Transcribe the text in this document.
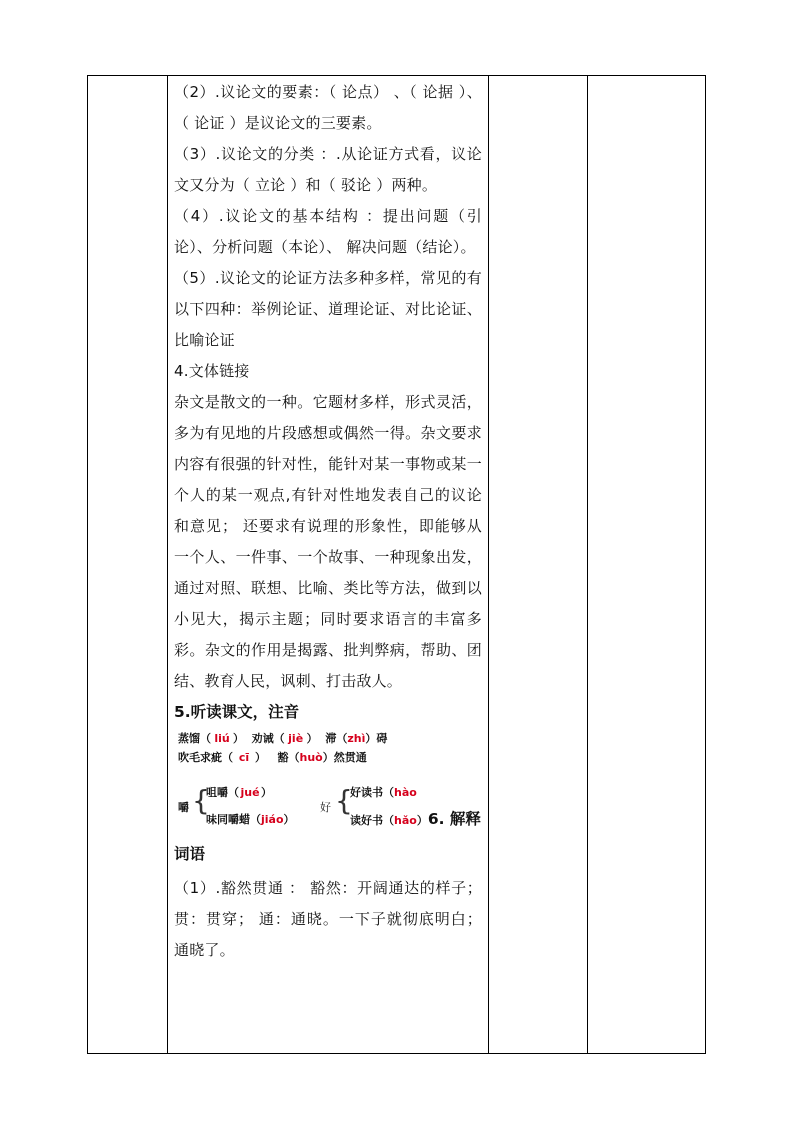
（2）.议论文的要素：（ 论点） 、（ 论据 ）、（ 论证 ）是议论文的三要素。

（3）.议论文的分类 ：.从论证方式看，议论文又分为（ 立论 ）和（ 驳论 ）两种。

（4）.议论文的基本结构 ：提出问题（引论）、分析问题（本论）、 解决问题（结论）。

（5）.议论文的论证方法多种多样，常见的有以下四种：举例论证、道理论证、对比论证、比喻论证

4.文体链接

杂文是散文的一种。它题材多样，形式灵活，多为有见地的片段感想或偶然一得。杂文要求内容有很强的针对性，能针对某一事物或某一个人的某一观点,有针对性地发表自己的议论和意见； 还要求有说理的形象性，即能够从一个人、一件事、一个故事、一种现象出发，通过对照、联想、比喻、类比等方法，做到以小见大，揭示主题；同时要求语言的丰富多彩。杂文的作用是揭露、批判弊病，帮助、团结、教育人民，讽刺、打击敌人。

5.听读课文，注音

蒸馏（ liú ） 劝诫（ jiè ） 滞（zhì）碍
吹毛求疵（ cī ） 豁（huò）然贯通
嚼 {
咀嚼（jué）
味同嚼蜡（jiáo）
好 {
好读书（hào
读好书（hǎo）6. 解释

词语

（1）.豁然贯通 ： 豁然：开阔通达的样子；贯：贯穿； 通：通晓。一下子就彻底明白；通晓了。
